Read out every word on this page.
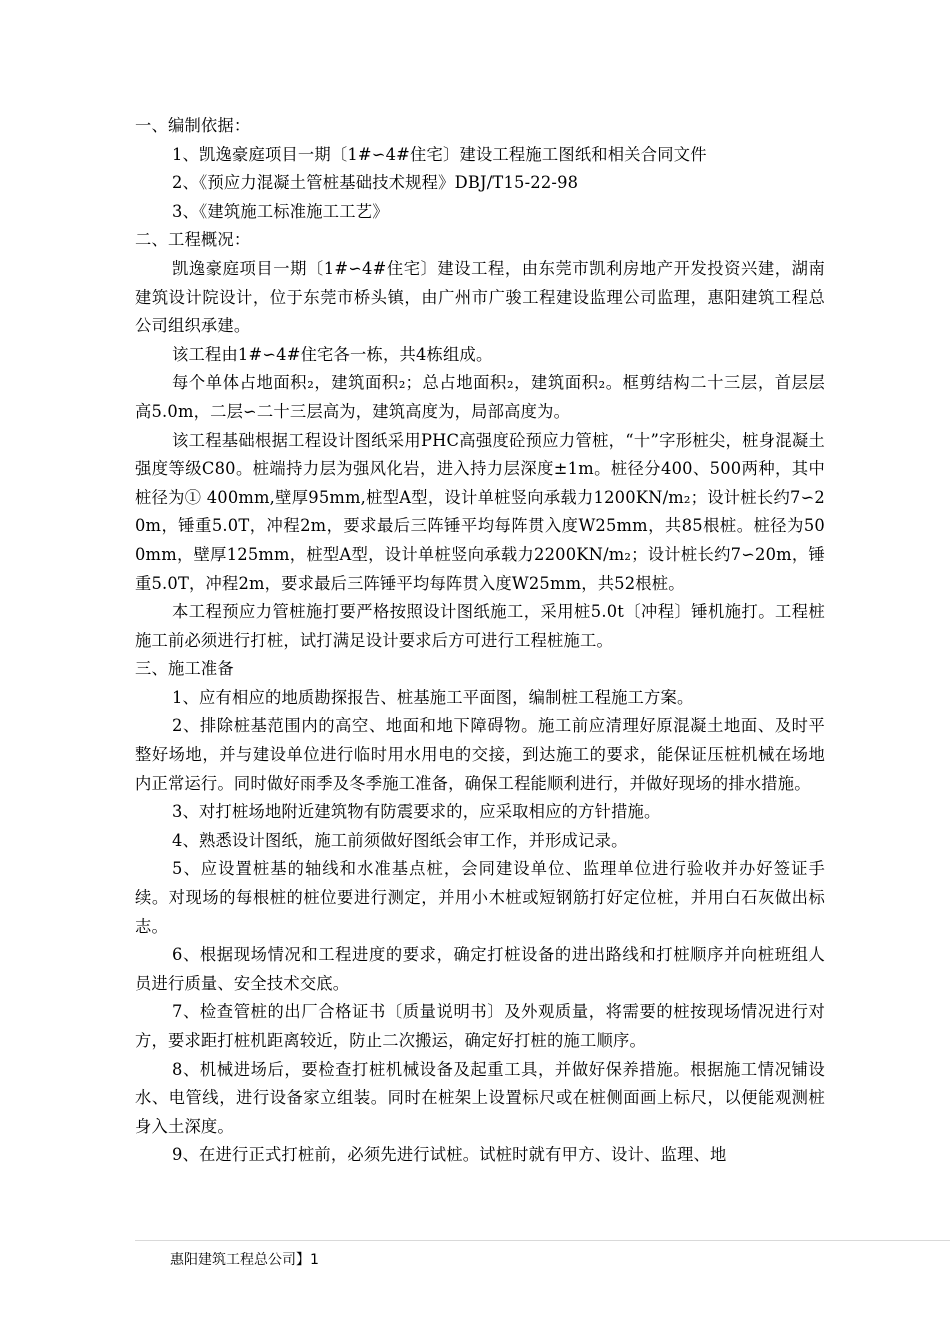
一、编制依据：

1、凯逸豪庭项目一期〔1#∽4#住宅〕建设工程施工图纸和相关合同文件

2、《预应力混凝土管桩基础技术规程》DBJ/T15-22-98

3、《建筑施工标准施工工艺》

二、工程概况：

凯逸豪庭项目一期〔1#∽4#住宅〕建设工程，由东莞市凯利房地产开发投资兴建，湖南建筑设计院设计，位于东莞市桥头镇，由广州市广骏工程建设监理公司监理，惠阳建筑工程总公司组织承建。

该工程由1#∽4#住宅各一栋，共4栋组成。

每个单体占地面积₂，建筑面积₂；总占地面积₂，建筑面积₂。框剪结构二十三层，首层层高5.0m，二层∽二十三层高为，建筑高度为，局部高度为。

该工程基础根据工程设计图纸采用PHC高强度砼预应力管桩，“十”字形桩尖，桩身混凝土强度等级C80。桩端持力层为强风化岩，进入持力层深度±1m。桩径分400、500两种，其中桩径为① 400mm,壁厚95mm,桩型A型，设计单桩竖向承载力1200KN/m₂；设计桩长约7∽20m，锤重5.0T，冲程2m，要求最后三阵锤平均每阵贯入度W25mm，共85根桩。桩径为500mm，壁厚125mm，桩型A型，设计单桩竖向承载力2200KN/m₂；设计桩长约7∽20m，锤重5.0T，冲程2m，要求最后三阵锤平均每阵贯入度W25mm，共52根桩。

本工程预应力管桩施打要严格按照设计图纸施工，采用桩5.0t〔冲程〕锤机施打。工程桩施工前必须进行打桩，试打满足设计要求后方可进行工程桩施工。

三、施工准备

1、应有相应的地质勘探报告、桩基施工平面图，编制桩工程施工方案。

2、排除桩基范围内的高空、地面和地下障碍物。施工前应清理好原混凝土地面、及时平整好场地，并与建设单位进行临时用水用电的交接，到达施工的要求，能保证压桩机械在场地内正常运行。同时做好雨季及冬季施工准备，确保工程能顺利进行，并做好现场的排水措施。

3、对打桩场地附近建筑物有防震要求的，应采取相应的方针措施。

4、熟悉设计图纸，施工前须做好图纸会审工作，并形成记录。

5、应设置桩基的轴线和水准基点桩，会同建设单位、监理单位进行验收并办好签证手续。对现场的每根桩的桩位要进行测定，并用小木桩或短钢筋打好定位桩，并用白石灰做出标志。

6、根据现场情况和工程进度的要求，确定打桩设备的进出路线和打桩顺序并向桩班组人员进行质量、安全技术交底。

7、检查管桩的出厂合格证书〔质量说明书〕及外观质量，将需要的桩按现场情况进行对方，要求距打桩机距离较近，防止二次搬运，确定好打桩的施工顺序。

8、机械进场后，要检查打桩机械设备及起重工具，并做好保养措施。根据施工情况铺设水、电管线，进行设备家立组装。同时在桩架上设置标尺或在桩侧面画上标尺，以便能观测桩身入土深度。

9、在进行正式打桩前，必须先进行试桩。试桩时就有甲方、设计、监理、地

惠阳建筑工程总公司】1
